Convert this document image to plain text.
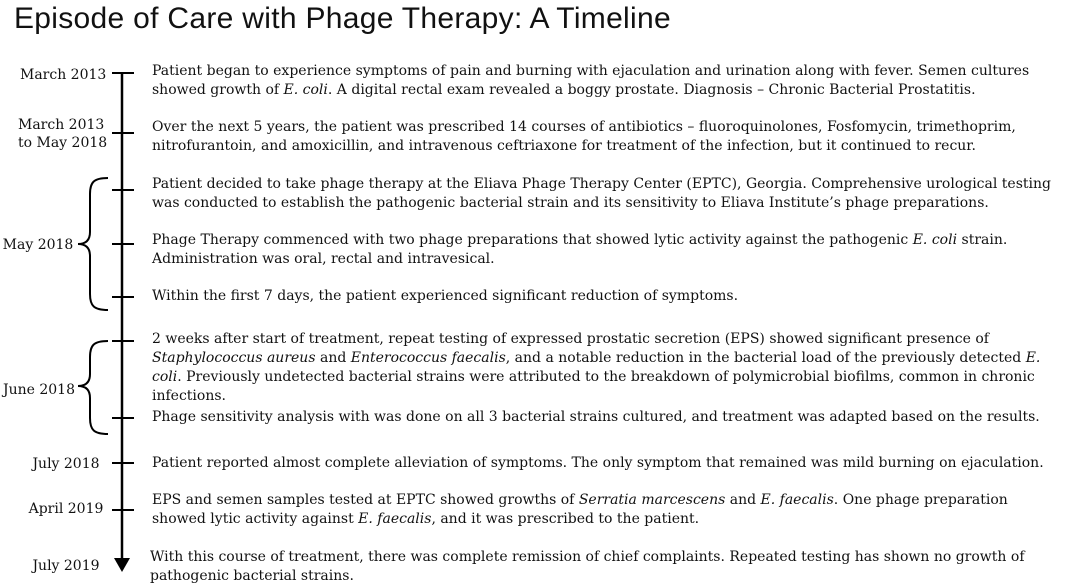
Episode of Care with Phage Therapy: A Timeline
March 2013
March 2013
to May 2018
May 2018
June 2018
July 2018
April 2019
July 2019
Patient began to experience symptoms of pain and burning with ejaculation and urination along with fever. Semen cultures showed growth of E. coli. A digital rectal exam revealed a boggy prostate. Diagnosis – Chronic Bacterial Prostatitis.
Over the next 5 years, the patient was prescribed 14 courses of antibiotics – fluoroquinolones, Fosfomycin, trimethoprim, nitrofurantoin, and amoxicillin, and intravenous ceftriaxone for treatment of the infection, but it continued to recur.
Patient decided to take phage therapy at the Eliava Phage Therapy Center (EPTC), Georgia. Comprehensive urological testing was conducted to establish the pathogenic bacterial strain and its sensitivity to Eliava Institute’s phage preparations.
Phage Therapy commenced with two phage preparations that showed lytic activity against the pathogenic E. coli strain. Administration was oral, rectal and intravesical.
Within the first 7 days, the patient experienced significant reduction of symptoms.
2 weeks after start of treatment, repeat testing of expressed prostatic secretion (EPS) showed significant presence of Staphylococcus aureus and Enterococcus faecalis, and a notable reduction in the bacterial load of the previously detected E. coli. Previously undetected bacterial strains were attributed to the breakdown of polymicrobial biofilms, common in chronic infections.
Phage sensitivity analysis with was done on all 3 bacterial strains cultured, and treatment was adapted based on the results.
Patient reported almost complete alleviation of symptoms. The only symptom that remained was mild burning on ejaculation.
EPS and semen samples tested at EPTC showed growths of Serratia marcescens and E. faecalis. One phage preparation showed lytic activity against E. faecalis, and it was prescribed to the patient.
With this course of treatment, there was complete remission of chief complaints. Repeated testing has shown no growth of pathogenic bacterial strains.
